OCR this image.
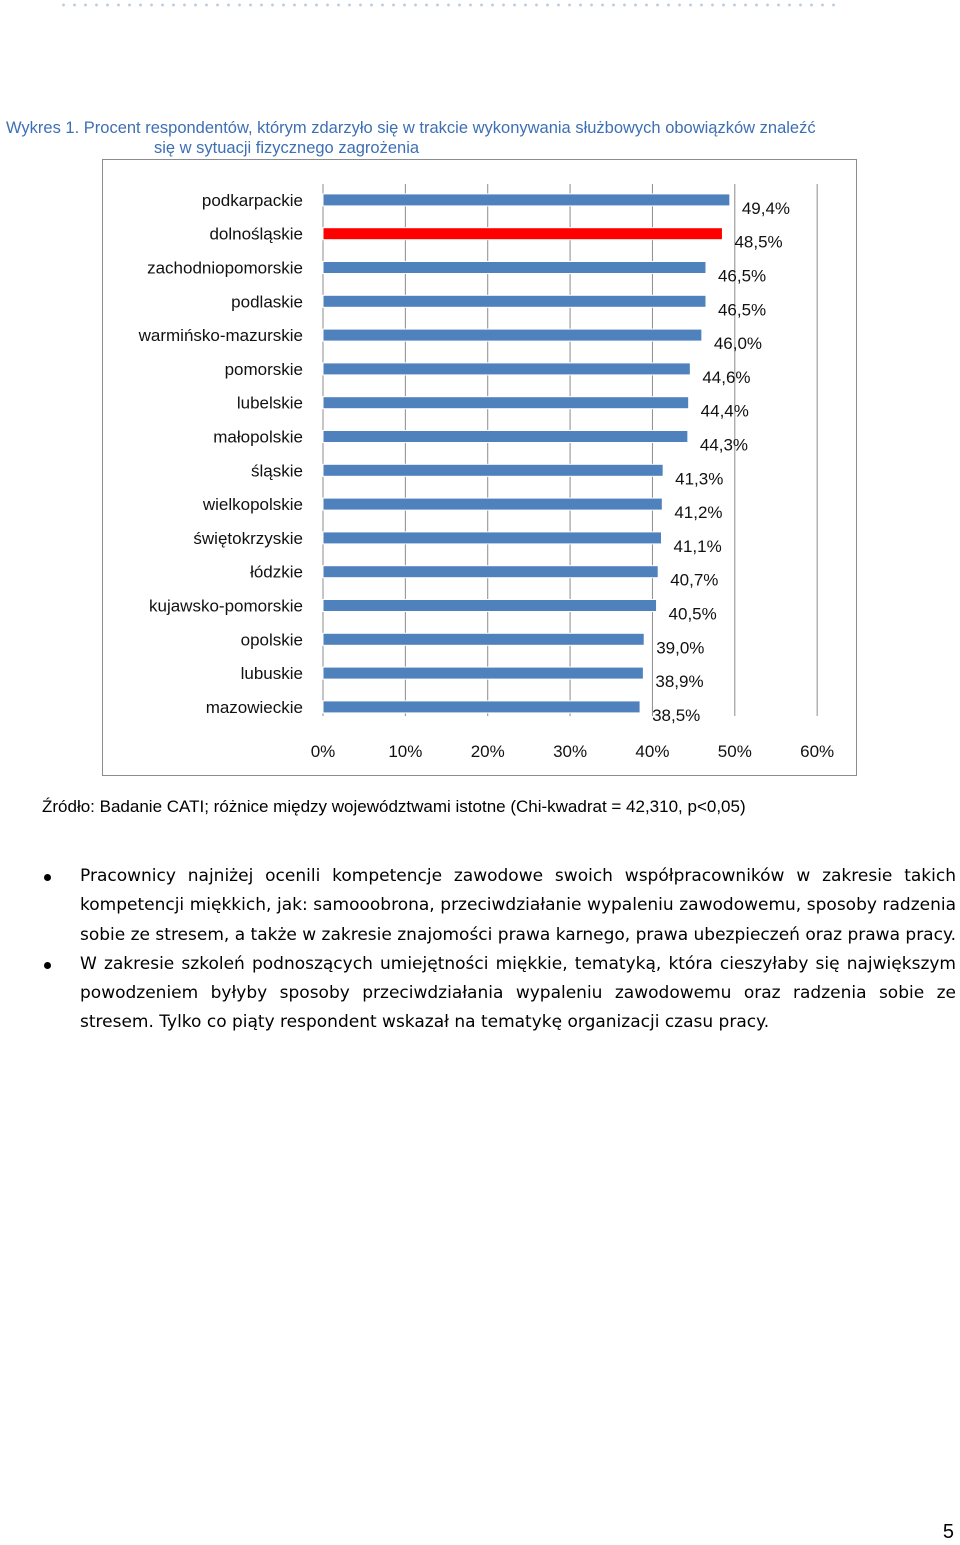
Wykres 1. Procent respondentów, którym zdarzyło się w trakcie wykonywania służbowych obowiązków znaleźć
się w sytuacji fizycznego zagrożenia
0%	10%	20%	30%	40%	50%	60%
podkarpackie	49,4%
dolnośląskie	48,5%
zachodniopomorskie	46,5%
podlaskie	46,5%
warmińsko-mazurskie	46,0%
pomorskie	44,6%
lubelskie	44,4%
małopolskie	44,3%
śląskie	41,3%
wielkopolskie	41,2%
świętokrzyskie	41,1%
łódzkie	40,7%
kujawsko-pomorskie	40,5%
opolskie	39,0%
lubuskie	38,9%
mazowieckie	38,5%
Źródło: Badanie CATI; różnice między województwami istotne (Chi-kwadrat = 42,310, p<0,05)
Pracownicy najniżej ocenili kompetencje zawodowe swoich współpracowników w zakresie takich kompetencji miękkich, jak: samooobrona, przeciwdziałanie wypaleniu zawodowemu, sposoby radzenia sobie ze stresem, a także w zakresie znajomości prawa karnego, prawa ubezpieczeń oraz prawa pracy.
W zakresie szkoleń podnoszących umiejętności miękkie, tematyką, która cieszyłaby się największym powodzeniem byłyby sposoby przeciwdziałania wypaleniu zawodowemu oraz radzenia sobie ze stresem. Tylko co piąty respondent wskazał na tematykę organizacji czasu pracy.
5
